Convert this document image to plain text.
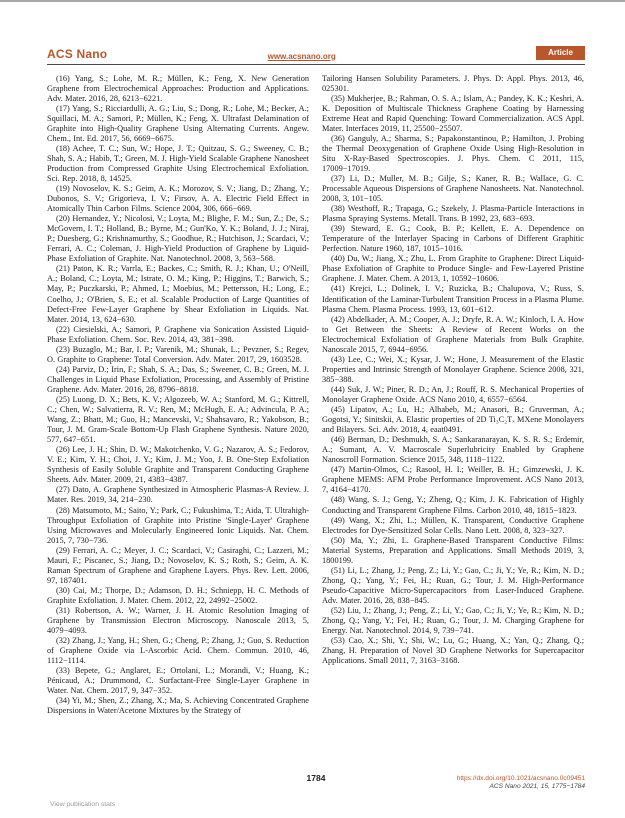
ACS Nano	www.acsnano.org	Article

(16) Yang, S.; Lohe, M. R.; Müllen, K.; Feng, X. New Generation Graphene from Electrochemical Approaches: Production and Applications. Adv. Mater. 2016, 28, 6213−6221.

(17) Yang, S.; Ricciardulli, A. G.; Liu, S.; Dong, R.; Lohe, M.; Becker, A.; Squillaci, M. A.; Samori, P.; Müllen, K.; Feng, X. Ultrafast Delamination of Graphite into High-Quality Graphene Using Alternating Currents. Angew. Chem., Int. Ed. 2017, 56, 6669−6675.

(18) Achee, T. C.; Sun, W.; Hope, J. T.; Quitzau, S. G.; Sweeney, C. B.; Shah, S. A.; Habib, T.; Green, M. J. High-Yield Scalable Graphene Nanosheet Production from Compressed Graphite Using Electrochemical Exfoliation. Sci. Rep. 2018, 8, 14525.

(19) Novoselov, K. S.; Geim, A. K.; Morozov, S. V.; Jiang, D.; Zhang, Y.; Dubonos, S. V.; Grigorieva, I. V.; Firsov, A. A. Electric Field Effect in Atomically Thin Carbon Films. Science 2004, 306, 666−669.

(20) Hernandez, Y.; Nicolosi, V.; Loyta, M.; Blighe, F. M.; Sun, Z.; De, S.; McGovern, I. T.; Holland, B.; Byrne, M.; Gun'Ko, Y. K.; Boland, J. J.; Niraj, P.; Duesberg, G.; Krishnamurthy, S.; Goodhue, R.; Hutchison, J.; Scardaci, V.; Ferrari, A. C.; Coleman, J. High-Yield Production of Graphene by Liquid-Phase Exfoliation of Graphite. Nat. Nanotechnol. 2008, 3, 563−568.

(21) Paton, K. R.; Varrla, E.; Backes, C.; Smith, R. J.; Khan, U.; O'Neill, A.; Boland, C.; Loyta, M.; Istrate, O. M.; King, P.; Higgins, T.; Barwich, S.; May, P.; Puczkarski, P.; Ahmed, I.; Moebius, M.; Pettersson, H.; Long, E.; Coelho, J.; O'Brien, S. E.; et al. Scalable Production of Large Quantities of Defect-Free Few-Layer Graphene by Shear Exfoliation in Liquids. Nat. Mater. 2014, 13, 624−630.

(22) Ciesielski, A.; Samori, P. Graphene via Sonication Assisted Liquid-Phase Exfoliation. Chem. Soc. Rev. 2014, 43, 381−398.

(23) Buzaglo, M.; Bar, I. P.; Varenik, M.; Shunak, L.; Pevzner, S.; Regev, O. Graphite to Graphene: Total Conversion. Adv. Mater. 2017, 29, 1603528.

(24) Parviz, D.; Irin, F.; Shah, S. A.; Das, S.; Sweener, C. B.; Green, M. J. Challenges in Liquid Phase Exfoliation, Processing, and Assembly of Pristine Graphene. Adv. Mater. 2016, 28, 8796−8818.

(25) Luong, D. X.; Bets, K. V.; Algozeeb, W. A.; Stanford, M. G.; Kittrell, C.; Chen, W.; Salvatierra, R. V.; Ren, M.; McHugh, E. A.; Advincula, P. A.; Wang, Z.; Bhatt, M.; Guo, H.; Mancevski, V.; Shahsavaro, R.; Yakobson, B.; Tour, J. M. Gram-Scale Bottom-Up Flash Graphene Synthesis. Nature 2020, 577, 647−651.

(26) Lee, J. H.; Shin, D. W.; Makotchenko, V. G.; Nazarov, A. S.; Fedorov, V. E.; Kim, Y. H.; Choi, J. Y.; Kim, J. M.; Yoo, J. B. One-Step Exfoliation Synthesis of Easily Soluble Graphite and Transparent Conducting Graphene Sheets. Adv. Mater. 2009, 21, 4383−4387.

(27) Dato, A. Graphene Synthesized in Atmospheric Plasmas-A Review. J. Mater. Res. 2019, 34, 214−230.

(28) Matsumoto, M.; Saito, Y.; Park, C.; Fukushima, T.; Aida, T. Ultrahigh-Throughput Exfoliation of Graphite into Pristine 'Single-Layer' Graphene Using Microwaves and Molecularly Engineered Ionic Liquids. Nat. Chem. 2015, 7, 730−736.

(29) Ferrari, A. C.; Meyer, J. C.; Scardaci, V.; Casiraghi, C.; Lazzeri, M.; Mauri, F.; Piscanec, S.; Jiang, D.; Novoselov, K. S.; Roth, S.; Geim, A. K. Raman Spectrum of Graphene and Graphene Layers. Phys. Rev. Lett. 2006, 97, 187401.

(30) Cai, M.; Thorpe, D.; Adamson, D. H.; Schniepp, H. C. Methods of Graphite Exfoliation. J. Mater. Chem. 2012, 22, 24992−25002.

(31) Robertson, A. W.; Warner, J. H. Atomic Resolution Imaging of Graphene by Transmission Electron Microscopy. Nanoscale 2013, 5, 4079−4093.

(32) Zhang, J.; Yang, H.; Shen, G.; Cheng, P.; Zhang, J.; Guo, S. Reduction of Graphene Oxide via L-Ascorbic Acid. Chem. Commun. 2010, 46, 1112−1114.

(33) Bepete, G.; Anglaret, E.; Ortolani, L.; Morandi, V.; Huang, K.; Pénicaud, A.; Drummond, C. Surfactant-Free Single-Layer Graphene in Water. Nat. Chem. 2017, 9, 347−352.

(34) Yi, M.; Shen, Z.; Zhang, X.; Ma, S. Achieving Concentrated Graphene Dispersions in Water/Acetone Mixtures by the Strategy of

Tailoring Hansen Solubility Parameters. J. Phys. D: Appl. Phys. 2013, 46, 025301.

(35) Mukherjee, B.; Rahman, O. S. A.; Islam, A.; Pandey, K. K.; Keshri, A. K. Deposition of Multiscale Thickness Graphene Coating by Harnessing Extreme Heat and Rapid Quenching: Toward Commercialization. ACS Appl. Mater. Interfaces 2019, 11, 25500−25507.

(36) Ganguly, A.; Sharma, S.; Papakonstantinou, P.; Hamilton, J. Probing the Thermal Deoxygenation of Graphene Oxide Using High-Resolution in Situ X-Ray-Based Spectroscopies. J. Phys. Chem. C 2011, 115, 17009−17019.

(37) Li, D.; Muller, M. B.; Gilje, S.; Kaner, R. B.; Wallace, G. C. Processable Aqueous Dispersions of Graphene Nanosheets. Nat. Nanotechnol. 2008, 3, 101−105.

(38) Westhoff, R.; Trapaga, G.; Szekely, J. Plasma-Particle Interactions in Plasma Spraying Systems. Metall. Trans. B 1992, 23, 683−693.

(39) Steward, E. G.; Cook, B. P.; Kellett, E. A. Dependence on Temperature of the Interlayer Spacing in Carbons of Different Graphitic Perfection. Nature 1960, 187, 1015−1016.

(40) Du, W.; Jiang, X.; Zhu, L. From Graphite to Graphene: Direct Liquid-Phase Exfoliation of Graphite to Produce Single- and Few-Layered Pristine Graphene. J. Mater. Chem. A 2013, 1, 10592−10606.

(41) Krejci, L.; Dolinek, I. V.; Ruzicka, B.; Chalupova, V.; Russ, S. Identification of the Laminar-Turbulent Transition Process in a Plasma Plume. Plasma Chem. Plasma Process. 1993, 13, 601−612.

(42) Abdelkader, A. M.; Cooper, A. J.; Dryfe, R. A. W.; Kinloch, I. A. How to Get Between the Sheets: A Review of Recent Works on the Electrochemical Exfoliation of Graphene Materials from Bulk Graphite. Nanoscale 2015, 7, 6944−6956.

(43) Lee, C.; Wei, X.; Kysar, J. W.; Hone, J. Measurement of the Elastic Properties and Intrinsic Strength of Monolayer Graphene. Science 2008, 321, 385−388.

(44) Suk, J. W.; Piner, R. D.; An, J.; Rouff, R. S. Mechanical Properties of Monolayer Graphene Oxide. ACS Nano 2010, 4, 6557−6564.

(45) Lipatov, A.; Lu, H.; Alhabeb, M.; Anasori, B.; Gruverman, A.; Gogotsi, Y.; Sinitskii, A. Elastic properties of 2D Ti₃C₂Tₓ MXene Monolayers and Bilayers. Sci. Adv. 2018, 4, eaat0491.

(46) Berman, D.; Deshmukh, S. A.; Sankaranarayan, K. S. R. S.; Erdemir, A.; Sumant, A. V. Macroscale Superlubricity Enabled by Graphene Nanoscroll Formation. Science 2015, 348, 1118−1122.

(47) Martin-Olmos, C.; Rasool, H. I.; Weiller, B. H.; Gimzewski, J. K. Graphene MEMS: AFM Probe Performance Improvement. ACS Nano 2013, 7, 4164−4170.

(48) Wang, S. J.; Geng, Y.; Zheng, Q.; Kim, J. K. Fabrication of Highly Conducting and Transparent Graphene Films. Carbon 2010, 48, 1815−1823.

(49) Wang, X.; Zhi, L.; Müllen, K. Transparent, Conductive Graphene Electrodes for Dye-Sensitized Solar Cells. Nano Lett. 2008, 8, 323−327.

(50) Ma, Y.; Zhi, L. Graphene-Based Transparent Conductive Films: Material Systems, Preparation and Applications. Small Methods 2019, 3, 1800199.

(51) Li, L.; Zhang, J.; Peng, Z.; Li, Y.; Gao, C.; Ji, Y.; Ye, R.; Kim, N. D.; Zhong, Q.; Yang, Y.; Fei, H.; Ruan, G.; Tour, J. M. High-Performance Pseudo-Capacitive Micro-Supercapacitors from Laser-Induced Graphene. Adv. Mater. 2016, 28, 838−845.

(52) Liu, J.; Zhang, J.; Peng, Z.; Li, Y.; Gao, C.; Ji, Y.; Ye, R.; Kim, N. D.; Zhong, Q.; Yang, Y.; Fei, H.; Ruan, G.; Tour, J. M. Charging Graphene for Energy. Nat. Nanotechnol. 2014, 9, 739−741.

(53) Cao, X.; Shi, Y.; Shi, W.; Lu, G.; Huang, X.; Yan, Q.; Zhang, Q.; Zhang, H. Preparation of Novel 3D Graphene Networks for Supercapacitor Applications. Small 2011, 7, 3163−3168.

1784	https://dx.doi.org/10.1021/acsnano.0c09451
ACS Nano 2021, 15, 1775−1784
View publication stats
